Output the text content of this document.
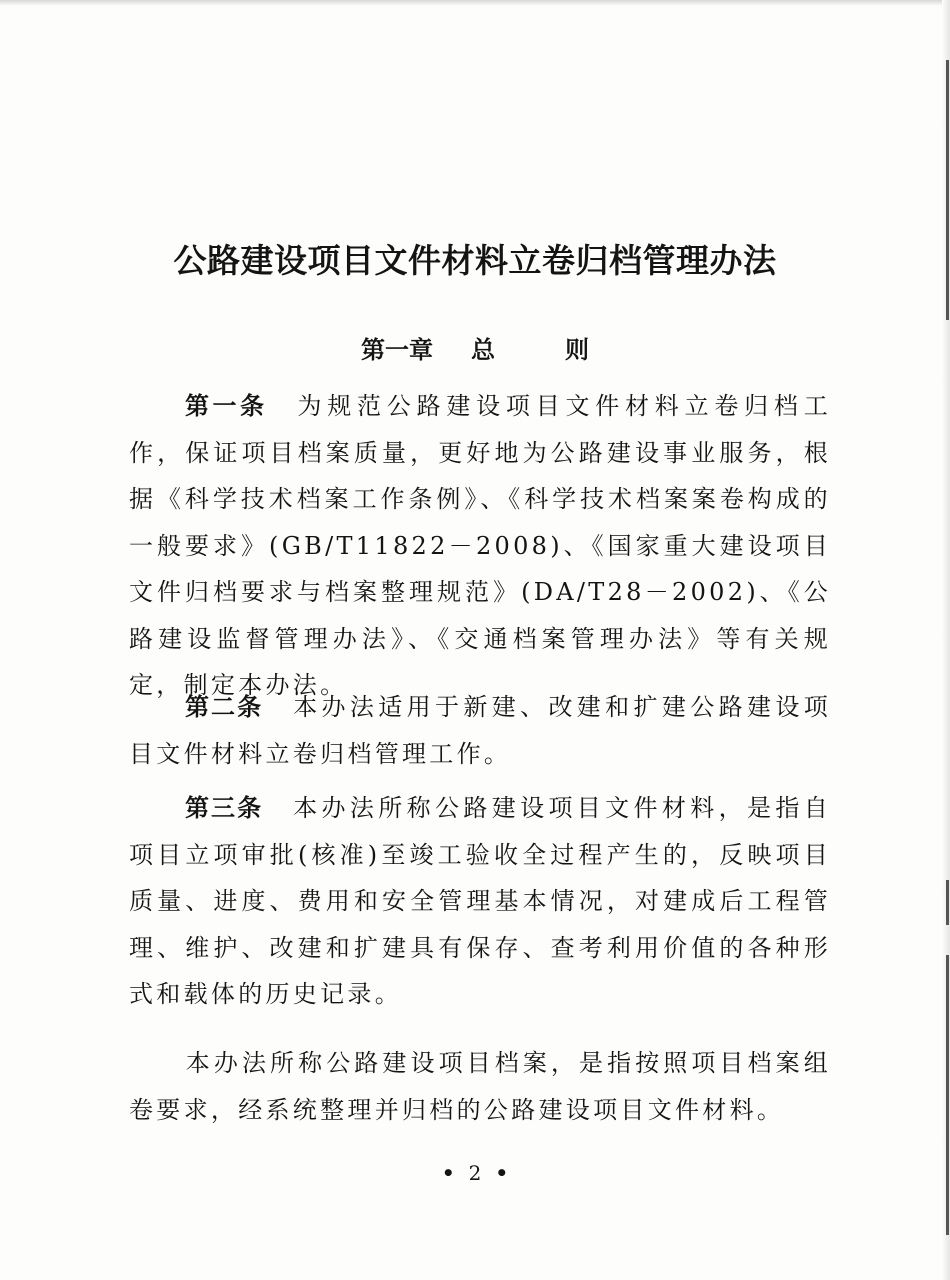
公路建设项目文件材料立卷归档管理办法
第一章 总	则

第一条 为规范公路建设项目文件材料立卷归档工作，保证项目档案质量，更好地为公路建设事业服务，根据《科学技术档案工作条例》、《科学技术档案案卷构成的一般要求》(GB/T11822－2008)、《国家重大建设项目文件归档要求与档案整理规范》(DA/T28－2002)、《公路建设监督管理办法》、《交通档案管理办法》等有关规定，制定本办法。

第二条 本办法适用于新建、改建和扩建公路建设项目文件材料立卷归档管理工作。

第三条 本办法所称公路建设项目文件材料，是指自项目立项审批(核准)至竣工验收全过程产生的，反映项目质量、进度、费用和安全管理基本情况，对建成后工程管理、维护、改建和扩建具有保存、查考利用价值的各种形式和载体的历史记录。

本办法所称公路建设项目档案，是指按照项目档案组卷要求，经系统整理并归档的公路建设项目文件材料。

• 2 •
